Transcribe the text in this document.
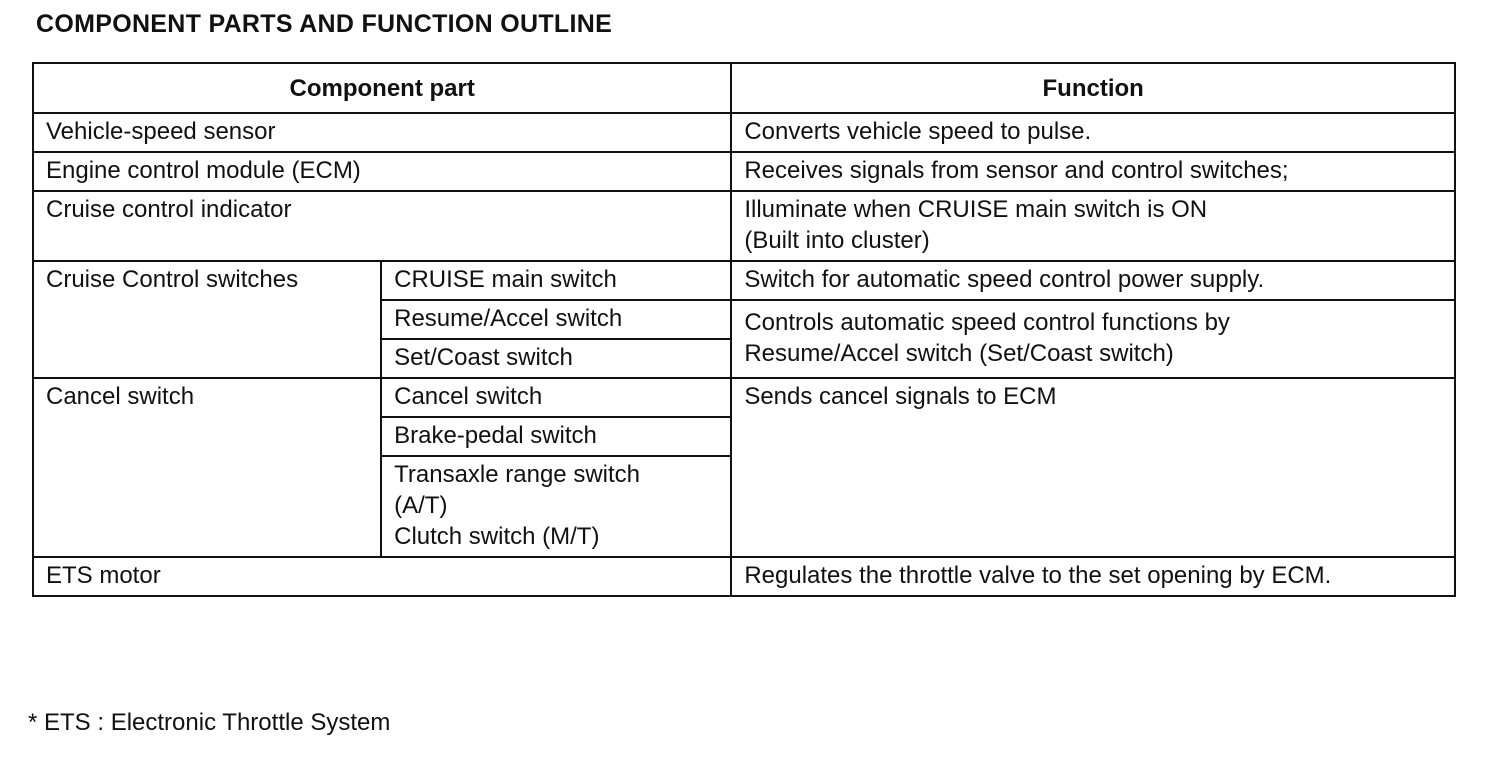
COMPONENT PARTS AND FUNCTION OUTLINE
Component part		Function
Vehicle-speed sensor		Converts vehicle speed to pulse.
Engine control module (ECM)		Receives signals from sensor and control switches;
Cruise control indicator		Illuminate when CRUISE main switch is ON
(Built into cluster)

Cruise Control switches	CRUISE main switch	Switch for automatic speed control power supply.
	Resume/Accel switch	Controls automatic speed control functions by
Resume/Accel switch (Set/Coast switch)

	Set/Coast switch	
Cancel switch	Cancel switch	Sends cancel signals to ECM
	Brake-pedal switch	

	Transaxle range switch
(A/T)
Clutch switch (M/T)	

ETS motor		Regulates the throttle valve to the set opening by ECM.
* ETS : Electronic Throttle System
